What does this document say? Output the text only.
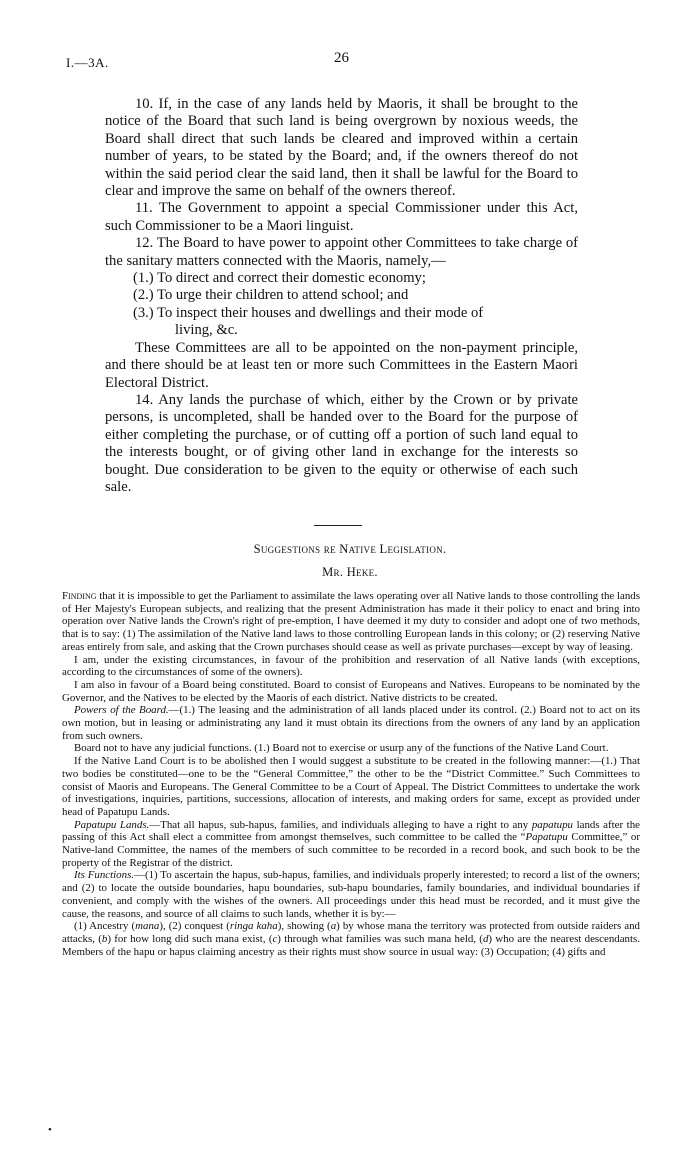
I.—3A.	26

10. If, in the case of any lands held by Maoris, it shall be brought to the notice of the Board that such land is being overgrown by noxious weeds, the Board shall direct that such lands be cleared and improved within a certain number of years, to be stated by the Board; and, if the owners thereof do not within the said period clear the said land, then it shall be lawful for the Board to clear and improve the same on behalf of the owners thereof.

11. The Government to appoint a special Commissioner under this Act, such Commissioner to be a Maori linguist.

12. The Board to have power to appoint other Committees to take charge of the sanitary matters connected with the Maoris, namely,—

(1.) To direct and correct their domestic economy;

(2.) To urge their children to attend school; and

(3.) To inspect their houses and dwellings and their mode of

living, &c.

These Committees are all to be appointed on the non-payment principle, and there should be at least ten or more such Committees in the Eastern Maori Electoral District.

14. Any lands the purchase of which, either by the Crown or by private persons, is uncompleted, shall be handed over to the Board for the purpose of either completing the purchase, or of cutting off a portion of such land equal to the interests bought, or of giving other land in exchange for the interests so bought. Due consideration to be given to the equity or otherwise of each such sale.

Suggestions re Native Legislation.
Mr. Heke.

Finding that it is impossible to get the Parliament to assimilate the laws operating over all Native lands to those controlling the lands of Her Majesty's European subjects, and realizing that the present Administration has made it their policy to enact and bring into operation over Native lands the Crown's right of pre-emption, I have deemed it my duty to consider and adopt one of two methods, that is to say: (1) The assimilation of the Native land laws to those controlling European lands in this colony; or (2) reserving Native areas entirely from sale, and asking that the Crown purchases should cease as well as private purchases—except by way of leasing.

I am, under the existing circumstances, in favour of the prohibition and reservation of all Native lands (with exceptions, according to the circumstances of some of the owners).

I am also in favour of a Board being constituted. Board to consist of Europeans and Natives. Europeans to be nominated by the Governor, and the Natives to be elected by the Maoris of each district. Native districts to be created.

Powers of the Board.—(1.) The leasing and the administration of all lands placed under its control. (2.) Board not to act on its own motion, but in leasing or administrating any land it must obtain its directions from the owners of any land by an application from such owners.

Board not to have any judicial functions. (1.) Board not to exercise or usurp any of the functions of the Native Land Court.

If the Native Land Court is to be abolished then I would suggest a substitute to be created in the following manner:—(1.) That two bodies be constituted—one to be the “General Committee,” the other to be the “District Committee.” Such Committees to consist of Maoris and Europeans. The General Committee to be a Court of Appeal. The District Committees to undertake the work of investigations, inquiries, partitions, successions, allocation of interests, and making orders for same, except as provided under head of Papatupu Lands.

Papatupu Lands.—That all hapus, sub-hapus, families, and individuals alleging to have a right to any papatupu lands after the passing of this Act shall elect a committee from amongst themselves, such committee to be called the “Papatupu Committee,” or Native-land Committee, the names of the members of such committee to be recorded in a record book, and such book to be the property of the Registrar of the district.

Its Functions.—(1) To ascertain the hapus, sub-hapus, families, and individuals properly interested; to record a list of the owners; and (2) to locate the outside boundaries, hapu boundaries, sub-hapu boundaries, family boundaries, and individual boundaries if convenient, and comply with the wishes of the owners. All proceedings under this head must be recorded, and it must give the cause, the reasons, and source of all claims to such lands, whether it is by:—

(1) Ancestry (mana), (2) conquest (ringa kaha), showing (a) by whose mana the territory was protected from outside raiders and attacks, (b) for how long did such mana exist, (c) through what families was such mana held, (d) who are the nearest descendants. Members of the hapu or hapus claiming ancestry as their rights must show source in usual way: (3) Occupation; (4) gifts and

•
